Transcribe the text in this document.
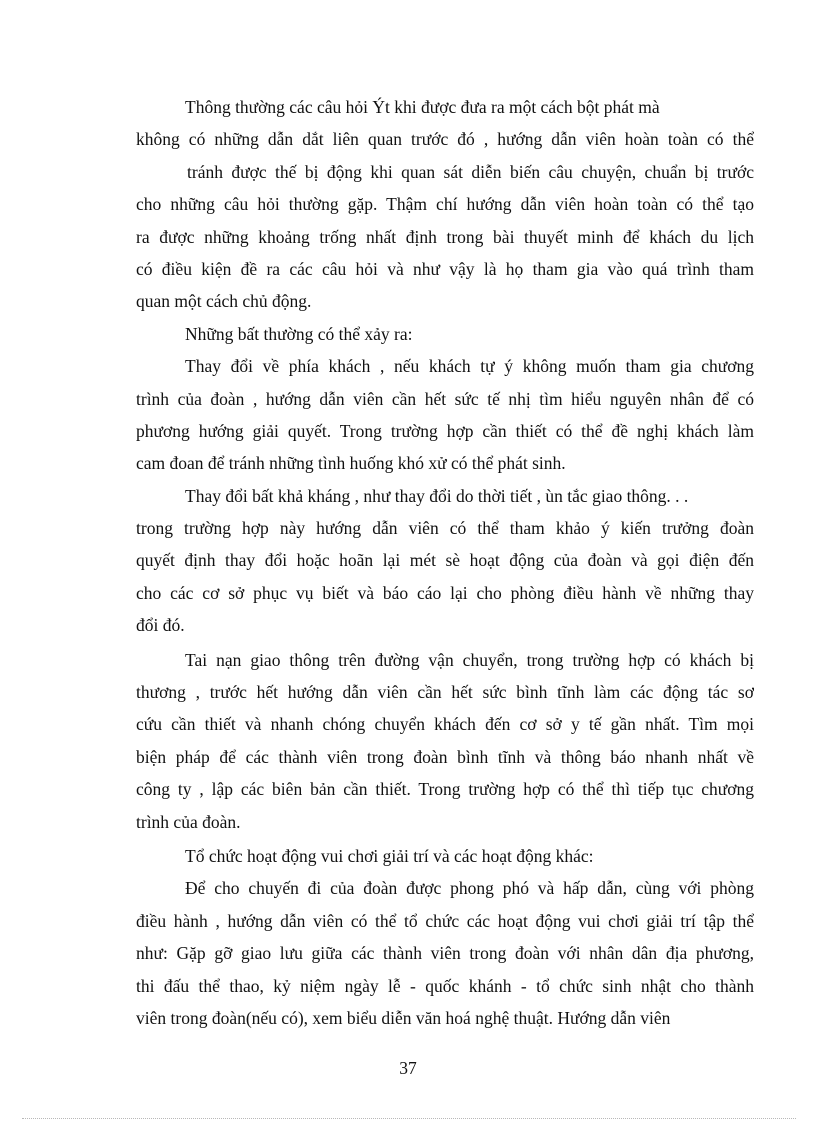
Thông thường các câu hỏi Ýt khi được đưa ra một cách bột phát mà
không có những dẫn dắt liên quan trước đó , hướng dẫn viên hoàn toàn có thể
tránh được thế bị động khi quan sát diễn biến câu chuyện, chuẩn bị trước
cho những câu hỏi thường gặp. Thậm chí hướng dẫn viên hoàn toàn có thể tạo
ra được những khoảng trống nhất định trong bài thuyết minh để khách du lịch
có điều kiện đề ra các câu hỏi và như vậy là họ tham gia vào quá trình tham
quan một cách chủ động.
Những bất thường có thể xảy ra:
Thay đổi về phía khách , nếu khách tự ý không muốn tham gia chương
trình của đoàn , hướng dẫn viên cần hết sức tế nhị tìm hiểu nguyên nhân để có
phương hướng giải quyết. Trong trường hợp cần thiết có thể đề nghị khách làm
cam đoan để tránh những tình huống khó xử có thể phát sinh.
Thay đổi bất khả kháng , như thay đổi do thời tiết , ùn tắc giao thông. . .
trong trường hợp này hướng dẫn viên có thể tham khảo ý kiến trưởng đoàn
quyết định thay đổi hoặc hoãn lại mét sè hoạt động của đoàn và gọi điện đến
cho các cơ sở phục vụ biết và báo cáo lại cho phòng điều hành về những thay
đổi đó.
Tai nạn giao thông trên đường vận chuyển, trong trường hợp có khách bị
thương , trước hết hướng dẫn viên cần hết sức bình tĩnh làm các động tác sơ
cứu cần thiết và nhanh chóng chuyển khách đến cơ sở y tế gần nhất. Tìm mọi
biện pháp để các thành viên trong đoàn bình tĩnh và thông báo nhanh nhất về
công ty , lập các biên bản cần thiết. Trong trường hợp có thể thì tiếp tục chương
trình của đoàn.
Tổ chức hoạt động vui chơi giải trí và các hoạt động khác:
Để cho chuyến đi của đoàn được phong phó và hấp dẫn, cùng với phòng
điều hành , hướng dẫn viên có thể tổ chức các hoạt động vui chơi giải trí tập thể
như: Gặp gỡ giao lưu giữa các thành viên trong đoàn với nhân dân địa phương,
thi đấu thể thao, kỷ niệm ngày lễ - quốc khánh - tổ chức sinh nhật cho thành
viên trong đoàn(nếu có), xem biểu diễn văn hoá nghệ thuật. Hướng dẫn viên
37
